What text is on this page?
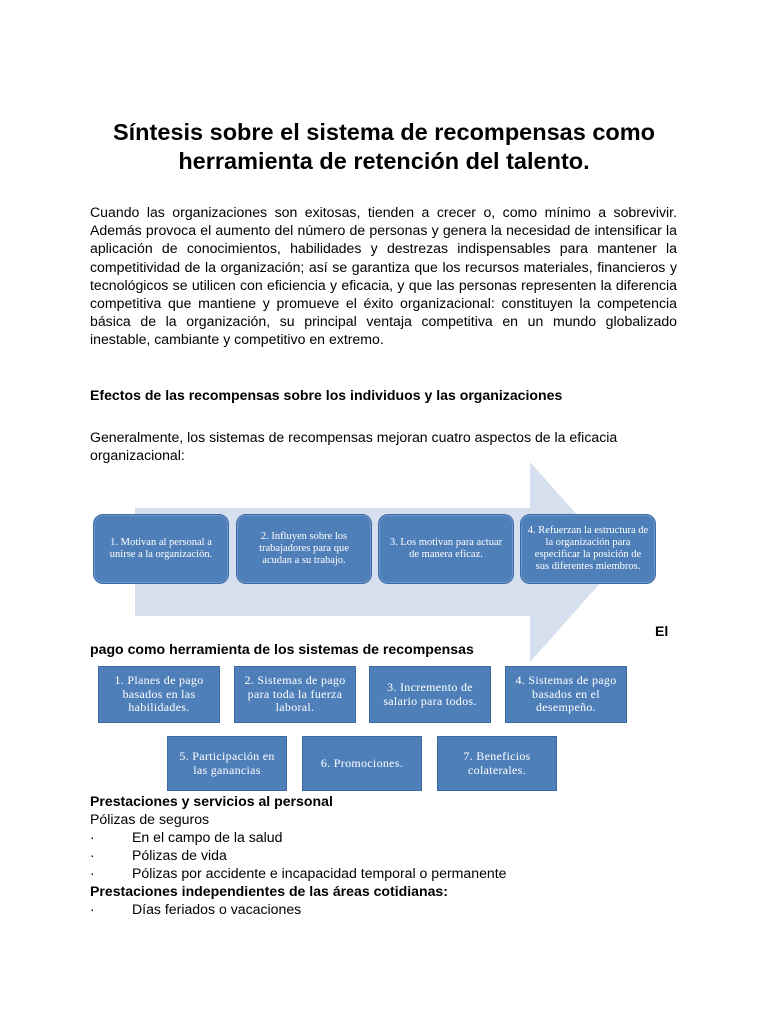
Síntesis sobre el sistema de recompensas como herramienta de retención del talento.

Cuando las organizaciones son exitosas, tienden a crecer o, como mínimo a sobrevivir. Además provoca el aumento del número de personas y genera la necesidad de intensificar la aplicación de conocimientos, habilidades y destrezas indispensables para mantener la competitividad de la organización; así se garantiza que los recursos materiales, financieros y tecnológicos se utilicen con eficiencia y eficacia, y que las personas representen la diferencia competitiva que mantiene y promueve el éxito organizacional: constituyen la competencia básica de la organización, su principal ventaja competitiva en un mundo globalizado inestable, cambiante y competitivo en extremo.

Efectos de las recompensas sobre los individuos y las organizaciones

Generalmente, los sistemas de recompensas mejoran cuatro aspectos de la eficacia organizacional:

1. Motivan al personal a unirse a la organización.
2. Influyen sobre los trabajadores para que acudan a su trabajo.
3. Los motivan para actuar de manera eficaz.
4. Refuerzan la estructura de la organización para especificar la posición de sus diferentes miembros.
El

pago como herramienta de los sistemas de recompensas

1. Planes de pago basados en las habilidades.
2. Sistemas de pago para toda la fuerza laboral.
3. Incremento de salario para todos.
4. Sistemas de pago basados en el desempeño.
5. Participación en las ganancias	6. Promociones.	7. Beneficios colaterales.
Prestaciones y servicios al personal
Pólizas de seguros
·	En el campo de la salud
·	Pólizas de vida
·	Pólizas por accidente e incapacidad temporal o permanente
Prestaciones independientes de las áreas cotidianas:
·	Días feriados o vacaciones
